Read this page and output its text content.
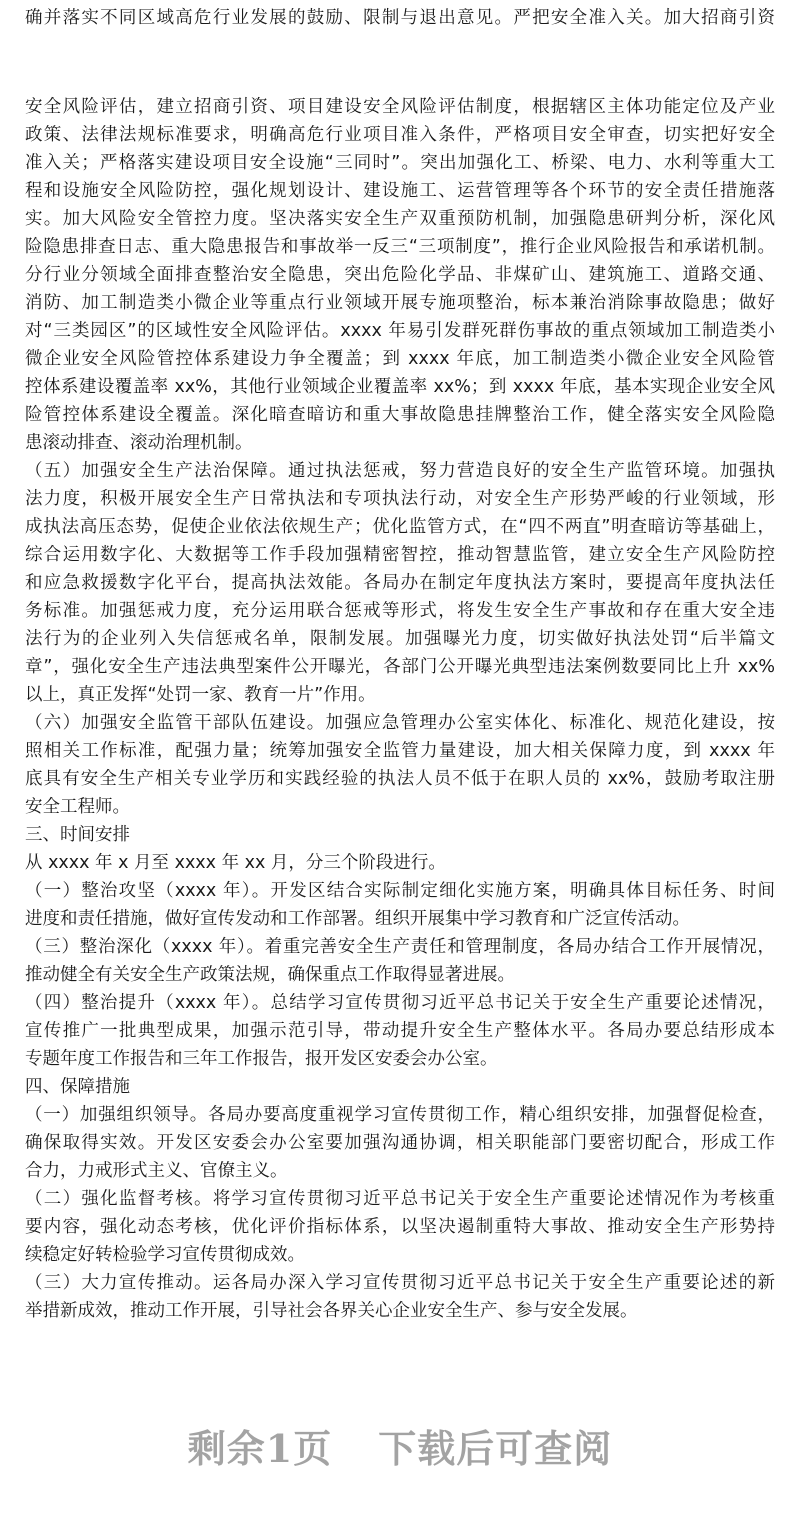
确并落实不同区域高危行业发展的鼓励、限制与退出意见。严把安全准入关。加大招商引资
安全风险评估，建立招商引资、项目建设安全风险评估制度，根据辖区主体功能定位及产业
政策、法律法规标准要求，明确高危行业项目准入条件，严格项目安全审查，切实把好安全
准入关；严格落实建设项目安全设施“三同时”。突出加强化工、桥梁、电力、水利等重大工
程和设施安全风险防控，强化规划设计、建设施工、运营管理等各个环节的安全责任措施落
实。加大风险安全管控力度。坚决落实安全生产双重预防机制，加强隐患研判分析，深化风
险隐患排查日志、重大隐患报告和事故举一反三“三项制度”，推行企业风险报告和承诺机制。
分行业分领域全面排查整治安全隐患，突出危险化学品、非煤矿山、建筑施工、道路交通、
消防、加工制造类小微企业等重点行业领域开展专施项整治，标本兼治消除事故隐患；做好
对“三类园区”的区域性安全风险评估。xxxx 年易引发群死群伤事故的重点领域加工制造类小
微企业安全风险管控体系建设力争全覆盖；到 xxxx 年底，加工制造类小微企业安全风险管
控体系建设覆盖率 xx%，其他行业领域企业覆盖率 xx%；到 xxxx 年底，基本实现企业安全风
险管控体系建设全覆盖。深化暗查暗访和重大事故隐患挂牌整治工作，健全落实安全风险隐
患滚动排查、滚动治理机制。
（五）加强安全生产法治保障。通过执法惩戒，努力营造良好的安全生产监管环境。加强执
法力度，积极开展安全生产日常执法和专项执法行动，对安全生产形势严峻的行业领域，形
成执法高压态势，促使企业依法依规生产；优化监管方式，在“四不两直”明查暗访等基础上，
综合运用数字化、大数据等工作手段加强精密智控，推动智慧监管，建立安全生产风险防控
和应急救援数字化平台，提高执法效能。各局办在制定年度执法方案时，要提高年度执法任
务标准。加强惩戒力度，充分运用联合惩戒等形式，将发生安全生产事故和存在重大安全违
法行为的企业列入失信惩戒名单，限制发展。加强曝光力度，切实做好执法处罚“后半篇文
章”，强化安全生产违法典型案件公开曝光，各部门公开曝光典型违法案例数要同比上升 xx%
以上，真正发挥“处罚一家、教育一片”作用。
（六）加强安全监管干部队伍建设。加强应急管理办公室实体化、标准化、规范化建设，按
照相关工作标准，配强力量；统筹加强安全监管力量建设，加大相关保障力度，到 xxxx 年
底具有安全生产相关专业学历和实践经验的执法人员不低于在职人员的 xx%，鼓励考取注册
安全工程师。
三、时间安排
从 xxxx 年 x 月至 xxxx 年 xx 月，分三个阶段进行。
（一）整治攻坚（xxxx 年）。开发区结合实际制定细化实施方案，明确具体目标任务、时间
进度和责任措施，做好宣传发动和工作部署。组织开展集中学习教育和广泛宣传活动。
（三）整治深化（xxxx 年）。着重完善安全生产责任和管理制度，各局办结合工作开展情况，
推动健全有关安全生产政策法规，确保重点工作取得显著进展。
（四）整治提升（xxxx 年）。总结学习宣传贯彻习近平总书记关于安全生产重要论述情况，
宣传推广一批典型成果，加强示范引导，带动提升安全生产整体水平。各局办要总结形成本
专题年度工作报告和三年工作报告，报开发区安委会办公室。
四、保障措施
（一）加强组织领导。各局办要高度重视学习宣传贯彻工作，精心组织安排，加强督促检查，
确保取得实效。开发区安委会办公室要加强沟通协调，相关职能部门要密切配合，形成工作
合力，力戒形式主义、官僚主义。
（二）强化监督考核。将学习宣传贯彻习近平总书记关于安全生产重要论述情况作为考核重
要内容，强化动态考核，优化评价指标体系，以坚决遏制重特大事故、推动安全生产形势持
续稳定好转检验学习宣传贯彻成效。
（三）大力宣传推动。运各局办深入学习宣传贯彻习近平总书记关于安全生产重要论述的新
举措新成效，推动工作开展，引导社会各界关心企业安全生产、参与安全发展。
剩余1页 下载后可查阅
